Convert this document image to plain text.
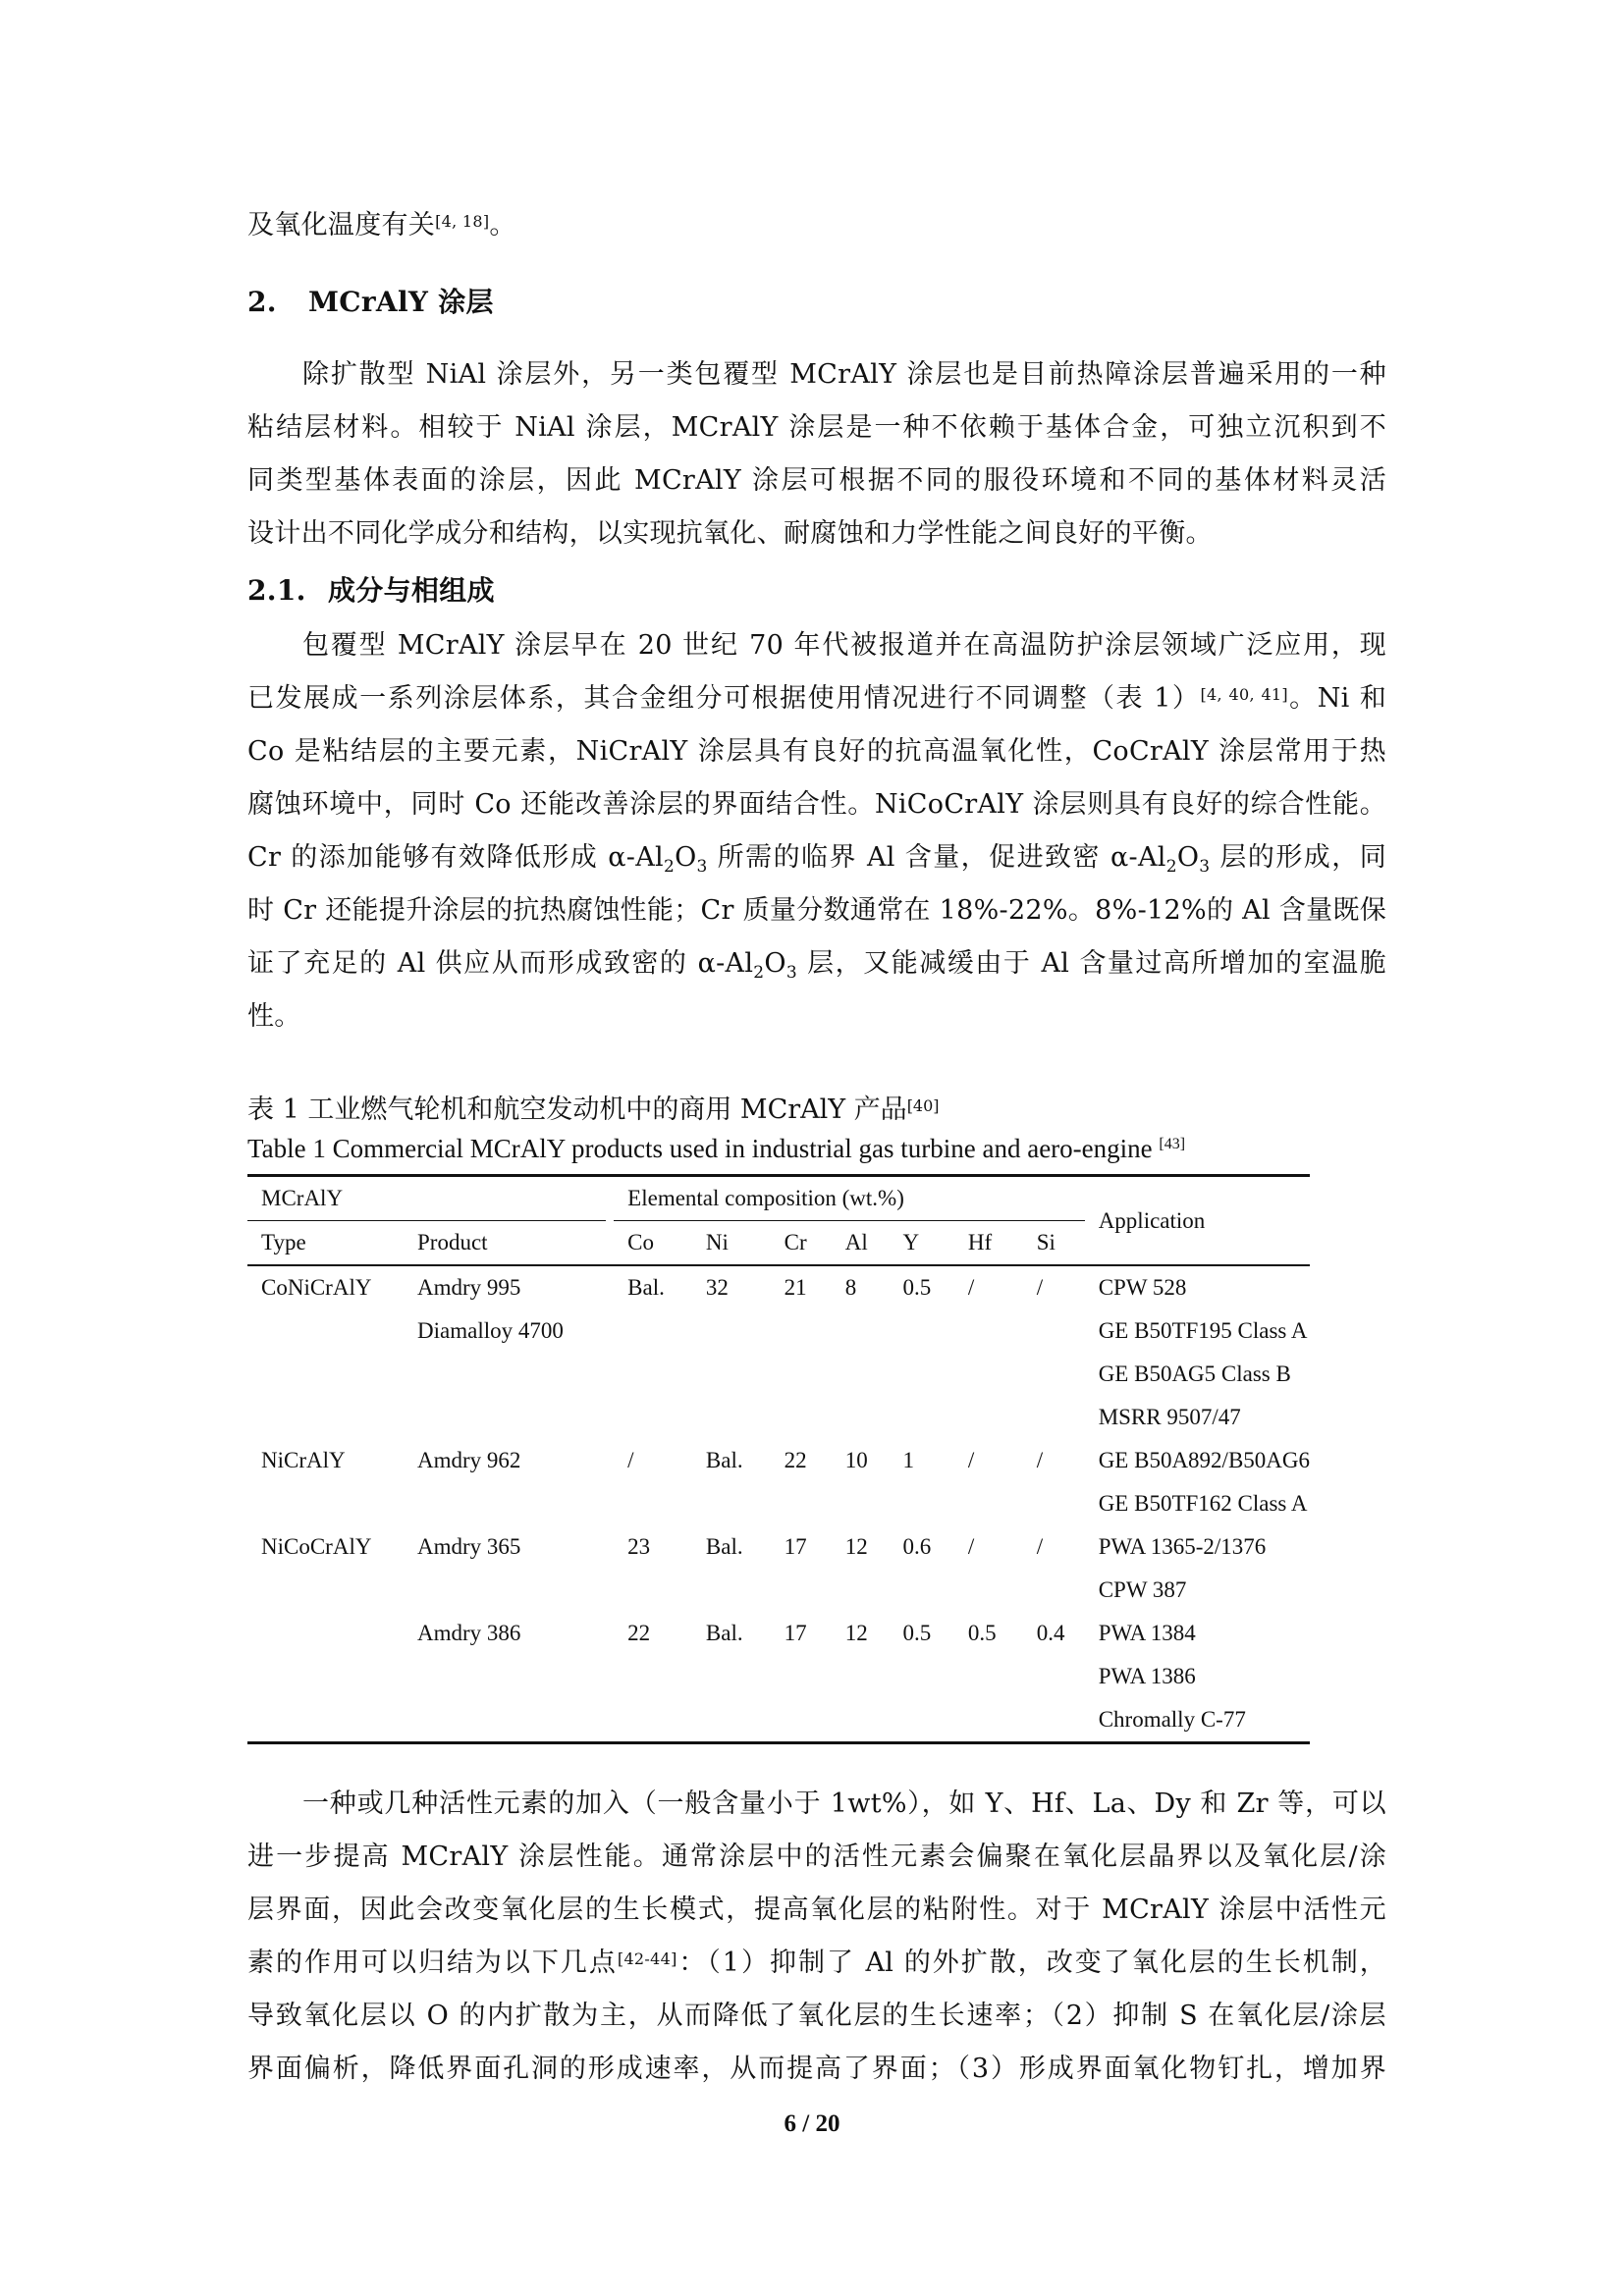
及氧化温度有关[4, 18]。
2. MCrAlY 涂层
除扩散型 NiAl 涂层外，另一类包覆型 MCrAlY 涂层也是目前热障涂层普遍采用的一种
粘结层材料。相较于 NiAl 涂层，MCrAlY 涂层是一种不依赖于基体合金，可独立沉积到不
同类型基体表面的涂层，因此 MCrAlY 涂层可根据不同的服役环境和不同的基体材料灵活
设计出不同化学成分和结构，以实现抗氧化、耐腐蚀和力学性能之间良好的平衡。
2.1. 成分与相组成
包覆型 MCrAlY 涂层早在 20 世纪 70 年代被报道并在高温防护涂层领域广泛应用，现
已发展成一系列涂层体系，其合金组分可根据使用情况进行不同调整（表 1）[4, 40, 41]。Ni 和
Co 是粘结层的主要元素，NiCrAlY 涂层具有良好的抗高温氧化性，CoCrAlY 涂层常用于热
腐蚀环境中，同时 Co 还能改善涂层的界面结合性。NiCoCrAlY 涂层则具有良好的综合性能。
Cr 的添加能够有效降低形成 $\alpha-Al_2O_3$ 所需的临界 Al 含量，促进致密 $\alpha-Al_2O_3$ 层的形成，同
时 Cr 还能提升涂层的抗热腐蚀性能；Cr 质量分数通常在 18%-22%。8%-12%的 Al 含量既保
证了充足的 Al 供应从而形成致密的 $\alpha-Al_2O_3$ 层，又能减缓由于 Al 含量过高所增加的室温脆
性。
表 1 工业燃气轮机和航空发动机中的商用 MCrAlY 产品[40]
Table 1 Commercial MCrAlY products used in industrial gas turbine and aero-engine [43]
MCrAlY			Elemental composition (wt.%)							Application
Type	Product		Co	Ni	Cr	Al	Y	Hf	Si	
CoNiCrAlY	Amdry 995		Bal.	32	21	8	0.5	/	/	CPW 528
	Diamalloy 4700									GE B50TF195 Class A
										GE B50AG5 Class B
										MSRR 9507/47
NiCrAlY	Amdry 962		/	Bal.	22	10	1	/	/	GE B50A892/B50AG6
										GE B50TF162 Class A
NiCoCrAlY	Amdry 365		23	Bal.	17	12	0.6	/	/	PWA 1365-2/1376
										CPW 387
	Amdry 386		22	Bal.	17	12	0.5	0.5	0.4	PWA 1384
										PWA 1386
										Chromally C-77
一种或几种活性元素的加入（一般含量小于 1wt%），如 Y、Hf、La、Dy 和 Zr 等，可以
进一步提高 MCrAlY 涂层性能。通常涂层中的活性元素会偏聚在氧化层晶界以及氧化层/涂
层界面，因此会改变氧化层的生长模式，提高氧化层的粘附性。对于 MCrAlY 涂层中活性元
素的作用可以归结为以下几点[42-44]：（1）抑制了 Al 的外扩散，改变了氧化层的生长机制，
导致氧化层以 O 的内扩散为主，从而降低了氧化层的生长速率；（2）抑制 S 在氧化层/涂层
界面偏析，降低界面孔洞的形成速率，从而提高了界面；（3）形成界面氧化物钉扎，增加界
6 / 20
